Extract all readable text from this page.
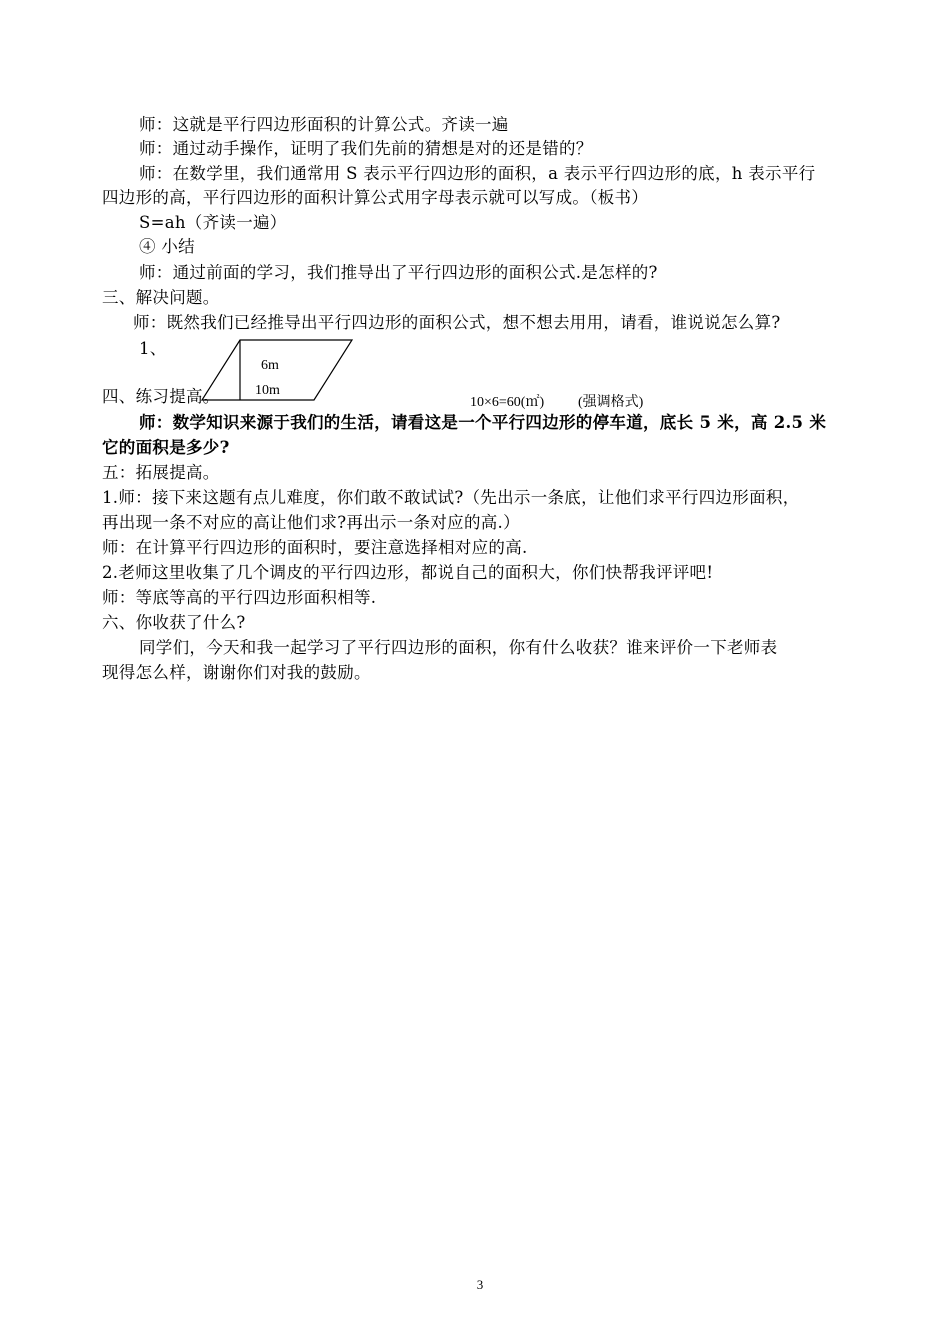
师：这就是平行四边形面积的计算公式。齐读一遍
师：通过动手操作，证明了我们先前的猜想是对的还是错的？
师：在数学里，我们通常用 S 表示平行四边形的面积，a 表示平行四边形的底，h 表示平行
四边形的高，平行四边形的面积计算公式用字母表示就可以写成。（板书）
S=ah（齐读一遍）
④ 小结
师：通过前面的学习，我们推导出了平行四边形的面积公式.是怎样的?
三、解决问题。
师：既然我们已经推导出平行四边形的面积公式，想不想去用用，请看，谁说说怎么算?
1、
四、练习提高。
6m
10m
10×6=60(㎡) (强调格式)
师：数学知识来源于我们的生活，请看这是一个平行四边形的停车道，底长 5 米，高 2.5 米
它的面积是多少?
五：拓展提高。
1.师：接下来这题有点儿难度，你们敢不敢试试?（先出示一条底，让他们求平行四边形面积，
再出现一条不对应的高让他们求?再出示一条对应的高.）
师：在计算平行四边形的面积时，要注意选择相对应的高.
2.老师这里收集了几个调皮的平行四边形，都说自己的面积大，你们快帮我评评吧!
师：等底等高的平行四边形面积相等.
六、你收获了什么?
同学们，今天和我一起学习了平行四边形的面积，你有什么收获？谁来评价一下老师表
现得怎么样，谢谢你们对我的鼓励。
3
